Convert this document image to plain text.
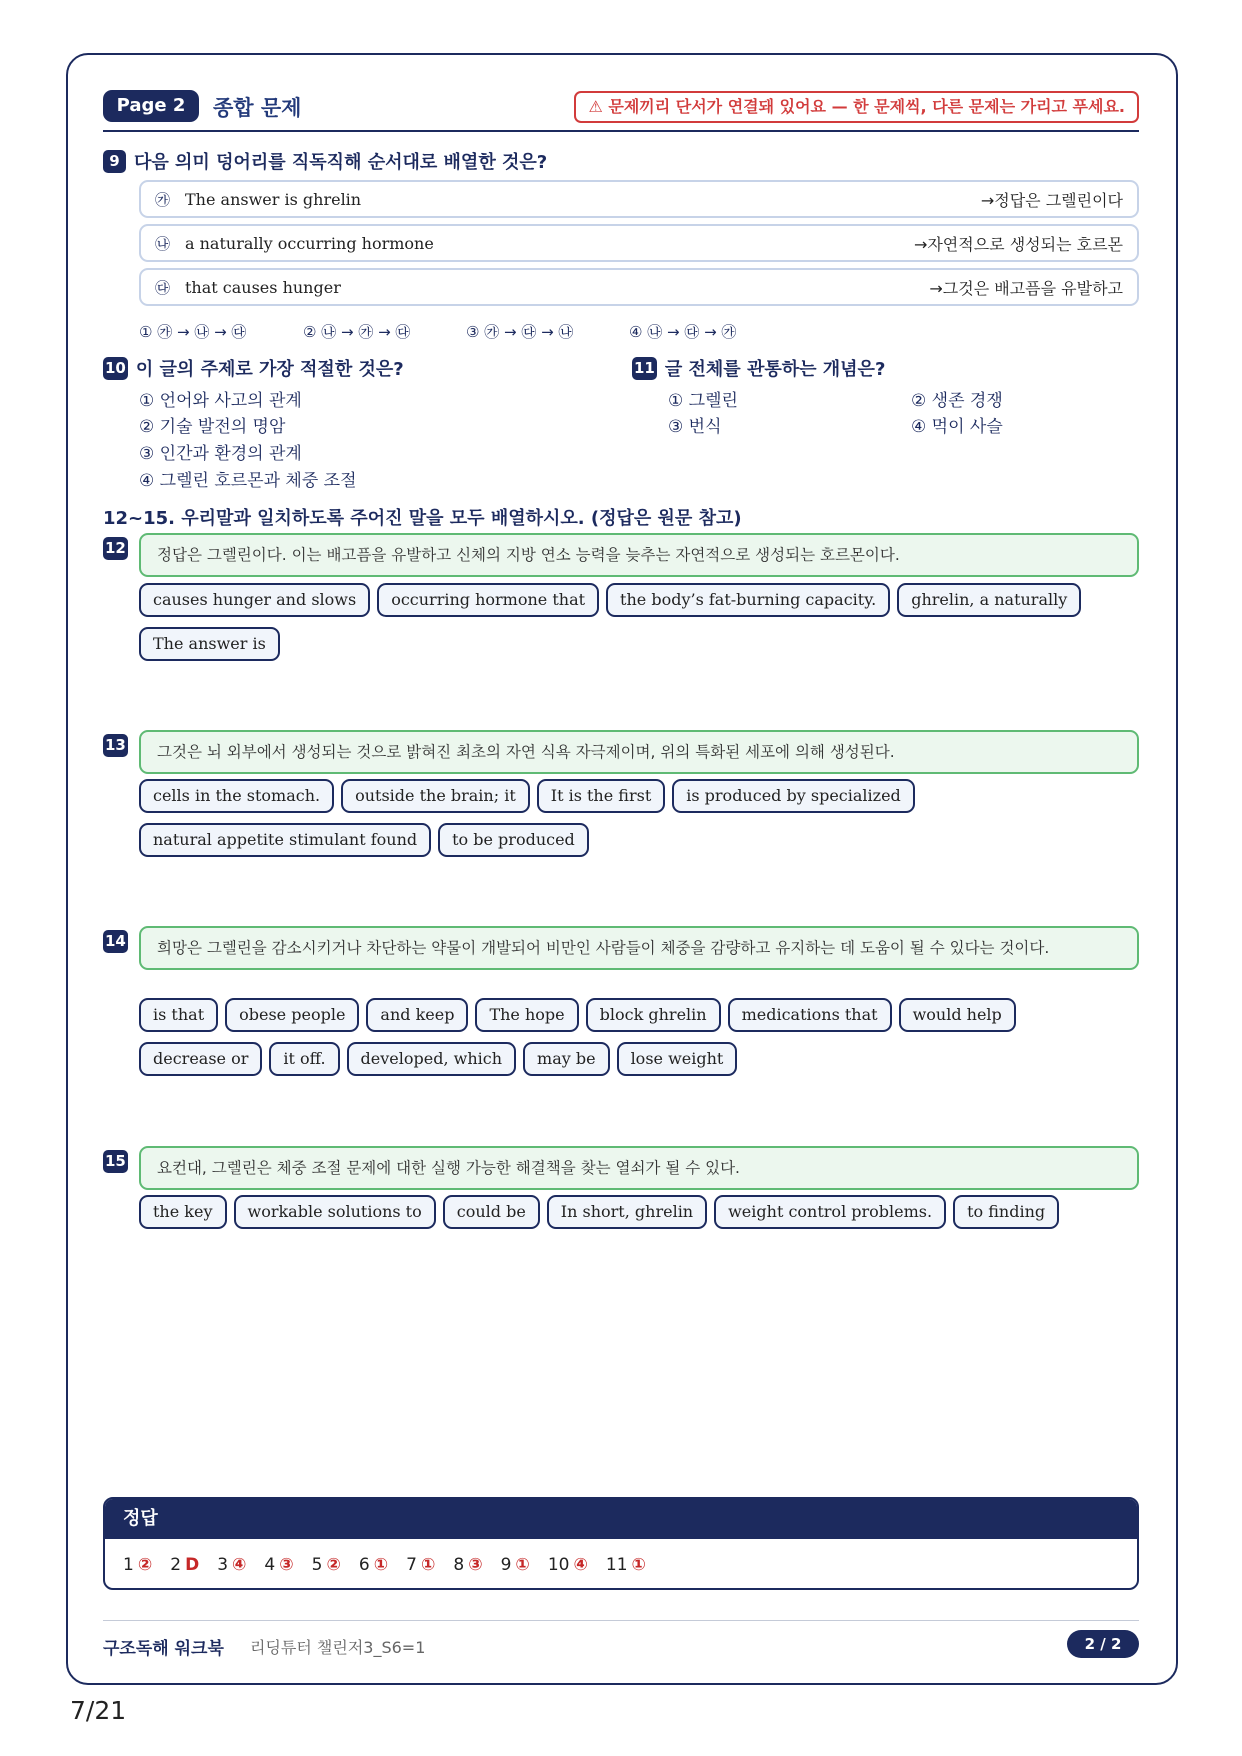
Page 2	종합 문제	⚠ 문제끼리 단서가 연결돼 있어요 — 한 문제씩, 다른 문제는 가리고 푸세요.
9 다음 의미 덩어리를 직독직해 순서대로 배열한 것은?
㉮ The answer is ghrelin	→정답은 그렐린이다
㉯ a naturally occurring hormone	→자연적으로 생성되는 호르몬
㉰ that causes hunger	→그것은 배고픔을 유발하고
① ㉮ → ㉯ → ㉰	② ㉯ → ㉮ → ㉰	③ ㉮ → ㉰ → ㉯	④ ㉯ → ㉰ → ㉮
10 이 글의 주제로 가장 적절한 것은?
① 언어와 사고의 관계
② 기술 발전의 명암
③ 인간과 환경의 관계
④ 그렐린 호르몬과 체중 조절
11 글 전체를 관통하는 개념은?
① 그렐린	② 생존 경쟁
③ 번식	④ 먹이 사슬
12~15. 우리말과 일치하도록 주어진 말을 모두 배열하시오. (정답은 원문 참고)
12	정답은 그렐린이다. 이는 배고픔을 유발하고 신체의 지방 연소 능력을 늦추는 자연적으로 생성되는 호르몬이다.
causes hunger and slows	occurring hormone that	the body’s fat-burning capacity.	ghrelin, a naturally
The answer is
13	그것은 뇌 외부에서 생성되는 것으로 밝혀진 최초의 자연 식욕 자극제이며, 위의 특화된 세포에 의해 생성된다.
cells in the stomach.	outside the brain; it	It is the first	is produced by specialized
natural appetite stimulant found	to be produced
14	희망은 그렐린을 감소시키거나 차단하는 약물이 개발되어 비만인 사람들이 체중을 감량하고 유지하는 데 도움이 될 수 있다는 것이다.
is that	obese people	and keep	The hope	block ghrelin	medications that	would help
decrease or	it off.	developed, which	may be	lose weight
15	요컨대, 그렐린은 체중 조절 문제에 대한 실행 가능한 해결책을 찾는 열쇠가 될 수 있다.
the key	workable solutions to	could be	In short, ghrelin	weight control problems.	to finding
정답
1 ② 2 D 3 ④ 4 ③ 5 ② 6 ① 7 ① 8 ③ 9 ① 10 ④ 11 ①
구조독해 워크북 리딩튜터 챌린저3_S6=1	2 / 2
7/21
